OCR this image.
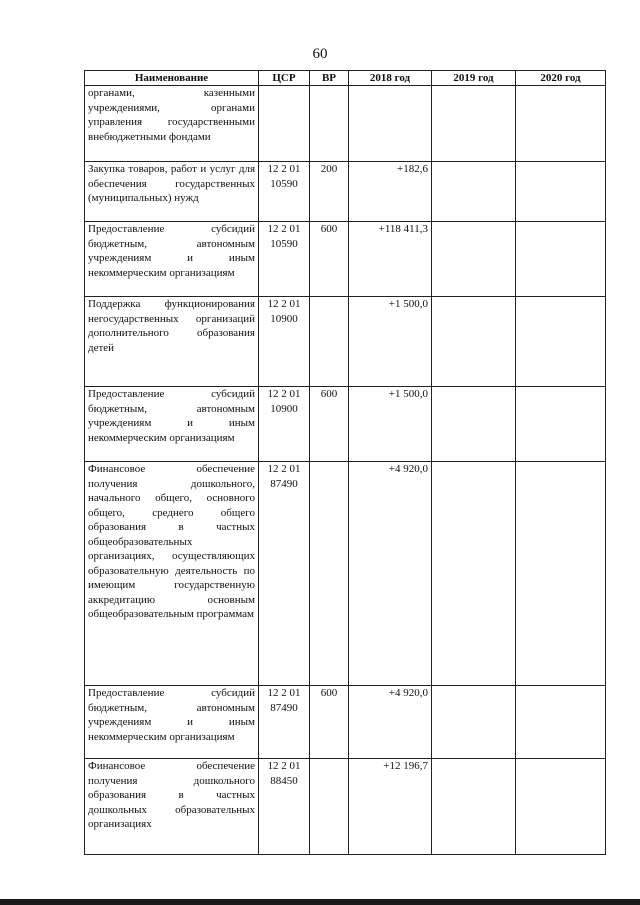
60
Наименование	ЦСР	ВР	2018 год	2019 год	2020 год
органами, казенными учреждениями, органами управления государственными внебюджетными фондами					
Закупка товаров, работ и услуг для обеспечения государственных (муниципальных) нужд	12 2 01 10590	200	+182,6		
Предоставление субсидий бюджетным, автономным учреждениям и иным некоммерческим организациям	12 2 01 10590	600	+118 411,3		
Поддержка функционирования негосударственных организаций дополнительного образования детей	12 2 01 10900		+1 500,0		
Предоставление субсидий бюджетным, автономным учреждениям и иным некоммерческим организациям	12 2 01 10900	600	+1 500,0		
Финансовое обеспечение получения дошкольного, начального общего, основного общего, среднего общего образования в частных общеобразовательных организациях, осуществляющих образовательную деятельность по имеющим государственную аккредитацию основным общеобразовательным программам	12 2 01 87490		+4 920,0		
Предоставление субсидий бюджетным, автономным учреждениям и иным некоммерческим организациям	12 2 01 87490	600	+4 920,0		
Финансовое обеспечение получения дошкольного образования в частных дошкольных образовательных организациях	12 2 01 88450		+12 196,7		
